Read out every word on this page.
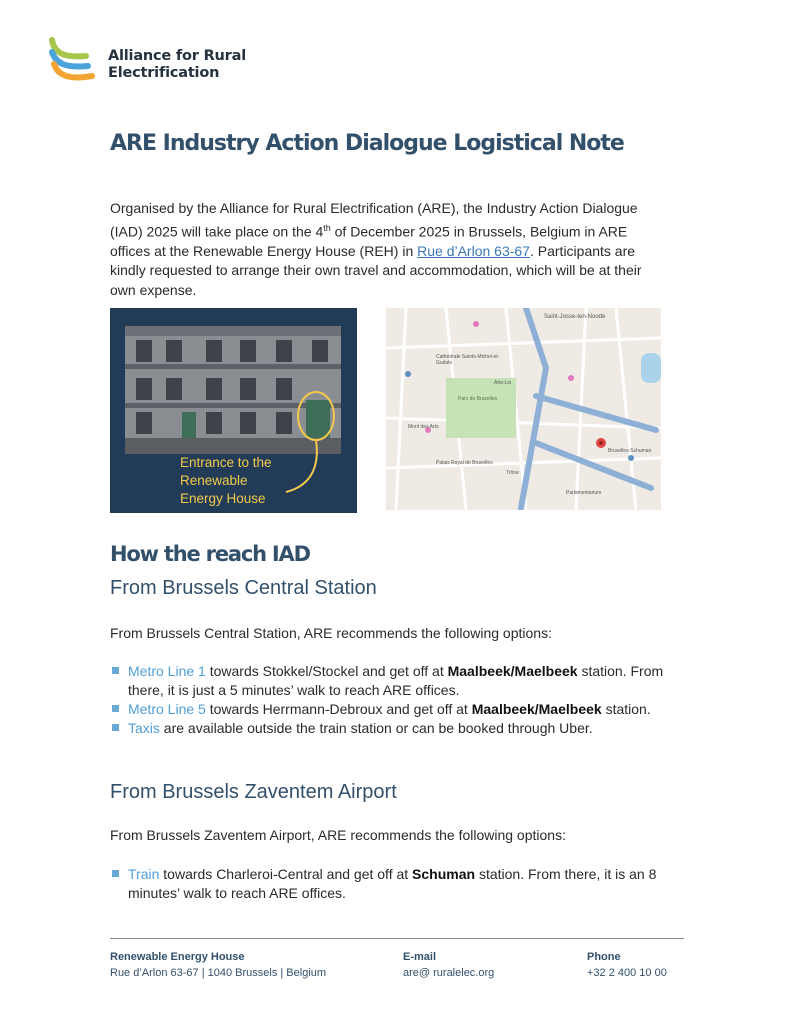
Alliance for Rural
Electrification
ARE Industry Action Dialogue Logistical Note
Organised by the Alliance for Rural Electrification (ARE), the Industry Action Dialogue (IAD) 2025 will take place on the 4th of December 2025 in Brussels, Belgium in ARE offices at the Renewable Energy House (REH) in Rue d’Arlon 63-67. Participants are kindly requested to arrange their own travel and accommodation, which will be at their own expense.
Entrance to the
Renewable
Energy House
Saint-Josse-ten-Noode
Cathédrale Saints-Michel-et-Gudule
Parc de Bruxelles
Arts-Loi
Mont des Arts
Bruxelles-Schuman
Palais Royal de Bruxelles
Trône
Parlamentarium
How the reach IAD
From Brussels Central Station
From Brussels Central Station, ARE recommends the following options:
Metro Line 1 towards Stokkel/Stockel and get off at Maalbeek/Maelbeek station. From there, it is just a 5 minutes’ walk to reach ARE offices.
Metro Line 5 towards Herrmann-Debroux and get off at Maalbeek/Maelbeek station.
Taxis are available outside the train station or can be booked through Uber.
From Brussels Zaventem Airport
From Brussels Zaventem Airport, ARE recommends the following options:
Train towards Charleroi-Central and get off at Schuman station. From there, it is an 8 minutes’ walk to reach ARE offices.
Renewable Energy House
Rue d’Arlon 63-67 | 1040 Brussels | Belgium
E-mail
are@ ruralelec.org
Phone
+32 2 400 10 00
